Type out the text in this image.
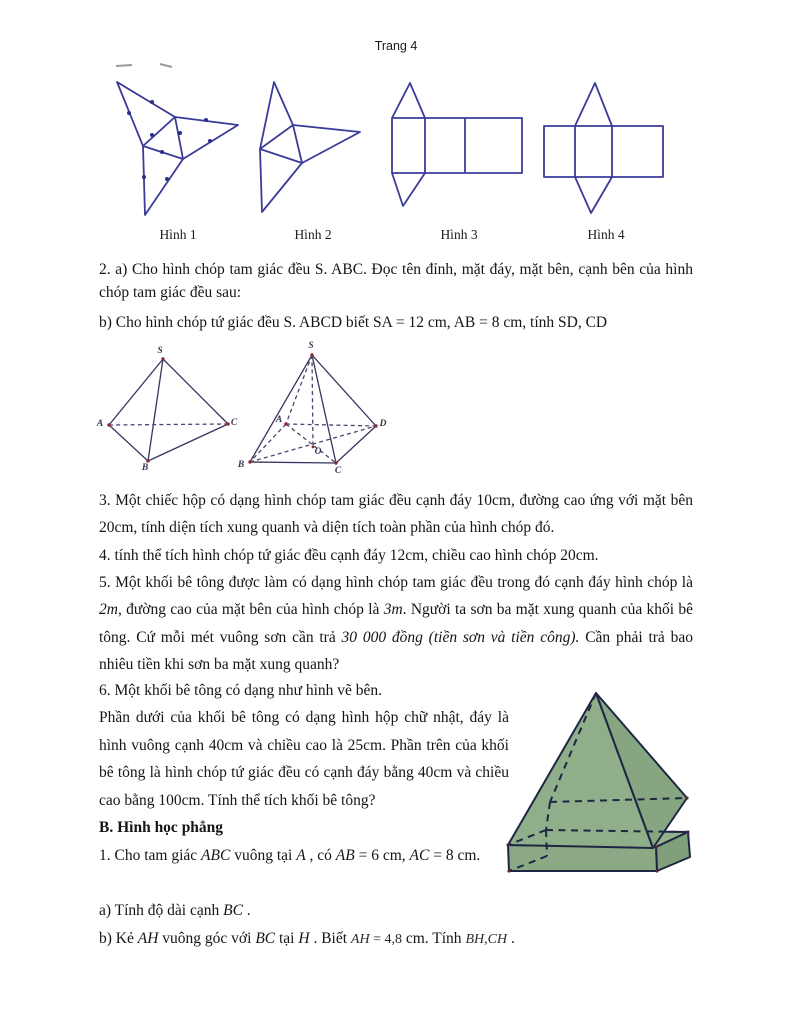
Trang 4
Hình 1	Hình 2	Hình 3	Hình 4

2. a) Cho hình chóp tam giác đều S. ABC. Đọc tên đỉnh, mặt đáy, mặt bên, cạnh bên của hình chóp tam giác đều sau:

b) Cho hình chóp tứ giác đều S. ABCD biết SA = 12 cm, AB = 8 cm, tính SD, CD

S
A	C
B
S
A	D
B
C
O

3. Một chiếc hộp có dạng hình chóp tam giác đều cạnh đáy 10cm, đường cao ứng với mặt bên 20cm, tính diện tích xung quanh và diện tích toàn phần của hình chóp đó.

4. tính thể tích hình chóp tứ giác đều cạnh đáy 12cm, chiều cao hình chóp 20cm.

5. Một khối bê tông được làm có dạng hình chóp tam giác đều trong đó cạnh đáy hình chóp là 2m, đường cao của mặt bên của hình chóp là 3m. Người ta sơn ba mặt xung quanh của khối bê tông. Cứ mỗi mét vuông sơn cần trả 30 000 đồng (tiền sơn và tiền công). Cần phải trả bao nhiêu tiền khi sơn ba mặt xung quanh?

6. Một khối bê tông có dạng như hình vẽ bên.

Phần dưới của khối bê tông có dạng hình hộp chữ nhật, đáy là hình vuông cạnh 40cm và chiều cao là 25cm. Phần trên của khối bê tông là hình chóp tứ giác đều có cạnh đáy bằng 40cm và chiều cao bằng 100cm. Tính thể tích khối bê tông?

B. Hình học phẳng

1. Cho tam giác ABC vuông tại A , có AB = 6 cm, AC = 8 cm.

a) Tính độ dài cạnh BC .

b) Kẻ AH vuông góc với BC tại H . Biết AH = 4,8 cm. Tính BH,CH .
